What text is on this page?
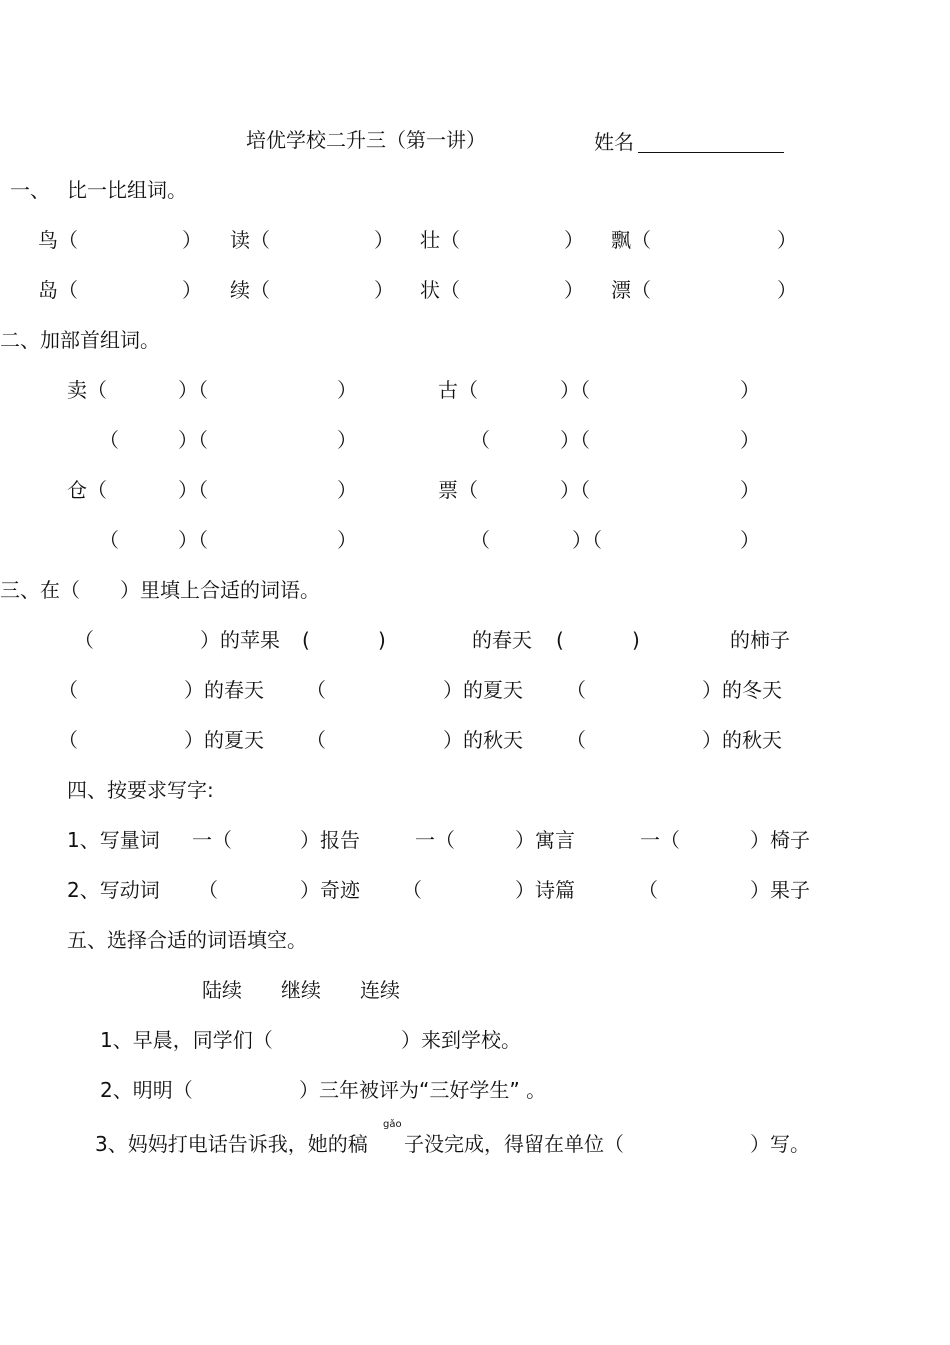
培优学校二升三（第一讲）	姓名
一、 比一比组词。
鸟（	） 读（	） 壮（	） 飘（	）
岛（	） 续（	） 状（	） 漂（	）
二、加部首组词。
卖（	）（	）	古（	）（	）
（	）（	）	（	）（	）
仓（	）（	）	票（	）（	）
（	）（	）	（	）（	）
三、在（　　）里填上合适的词语。
（	）的苹果 (	)	的春天 (	)	的柿子
（	）的春天 （	）的夏天 （	）的冬天
（	）的夏天 （	）的秋天 （	）的秋天
四、按要求写字:
1、写量词 一（	）报告	一（	）寓言	一（	）椅子
2、写动词 （	）奇迹 （	）诗篇	（	）果子
五、选择合适的词语填空。
陆续 继续 连续
1、早晨，同学们（	）来到学校。
2、明明（	）三年被评为“三好学生” 。
gǎo
3、妈妈打电话告诉我，她的稿 子没完成，得留在单位（	）写。
